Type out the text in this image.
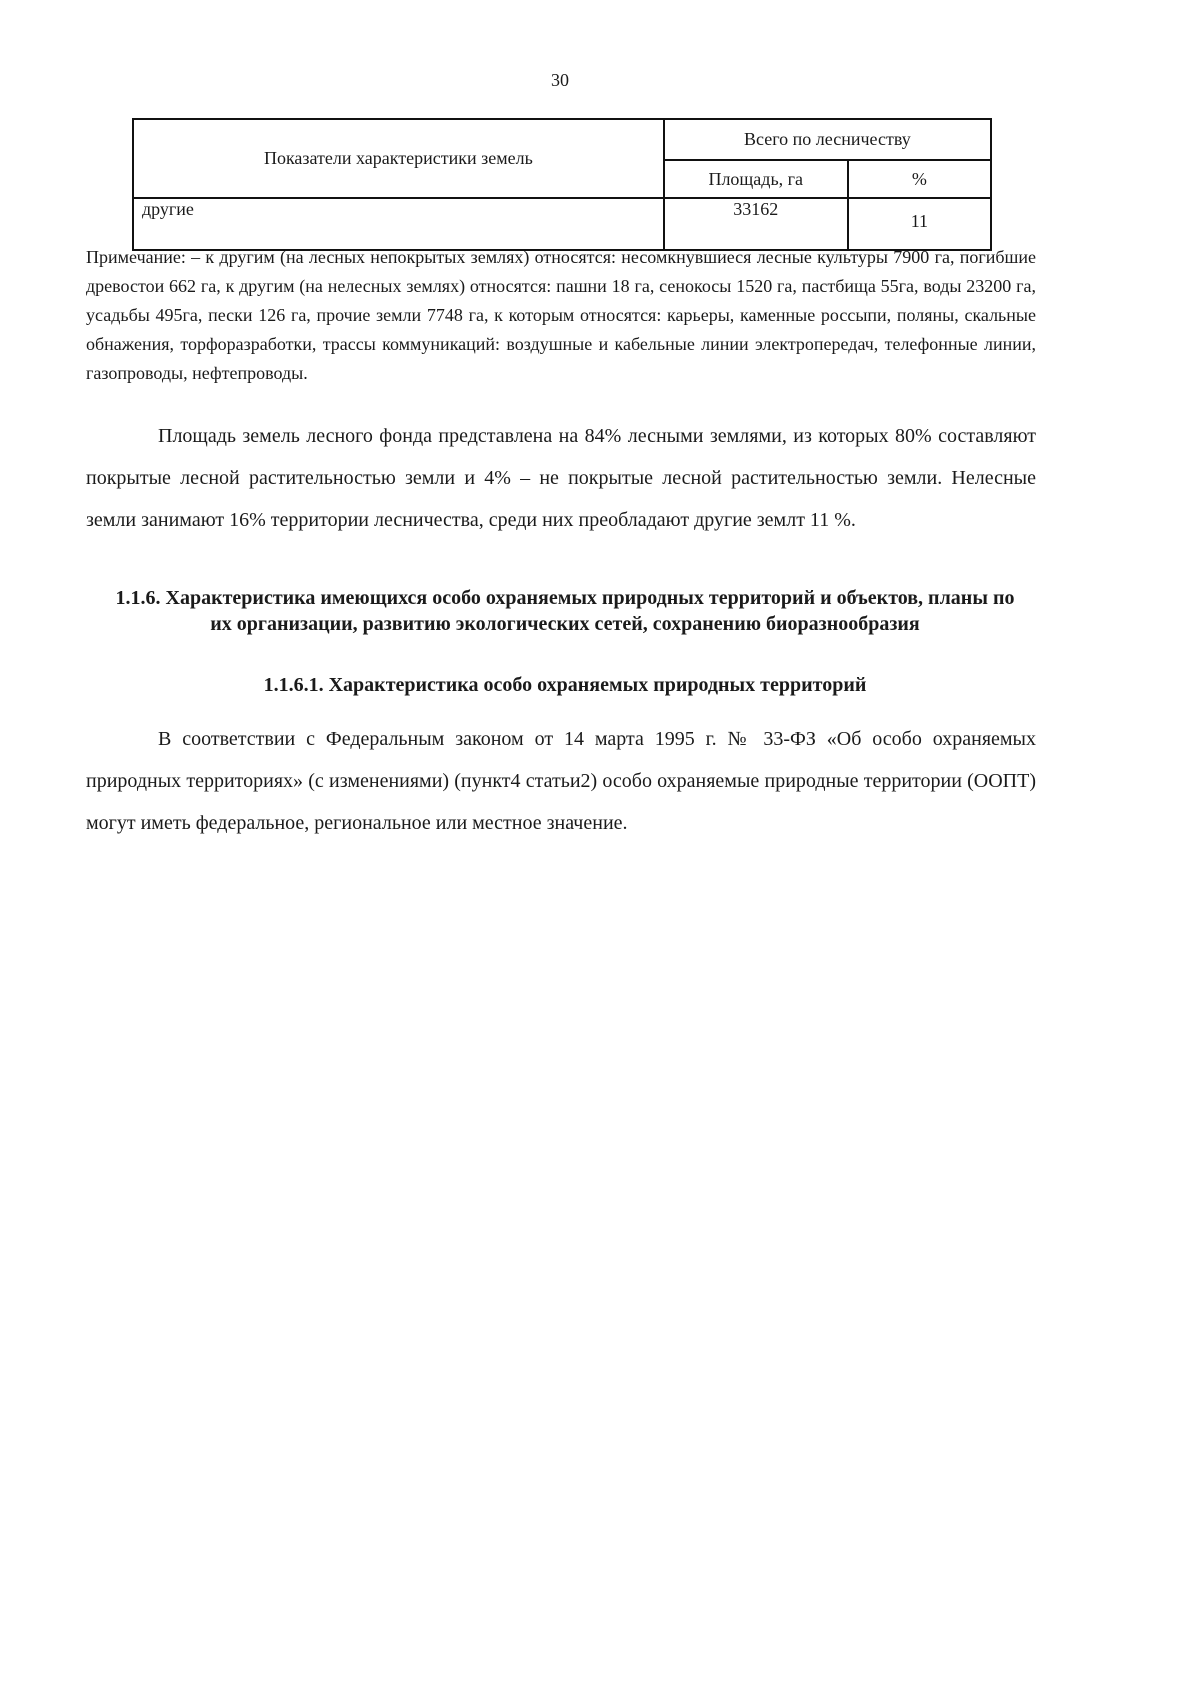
30
Показатели характеристики земель	Всего по лесничеству	
	Площадь, га	%
другие	33162	11
Примечание: – к другим (на лесных непокрытых землях) относятся: несомкнувшиеся лесные культуры 7900 га, погибшие древостои 662 га, к другим (на нелесных землях) относятся: пашни 18 га, сенокосы 1520 га, пастбища 55га, воды 23200 га, усадьбы 495га, пески 126 га, прочие земли 7748 га, к которым относятся: карьеры, каменные россыпи, поляны, скальные обнажения, торфоразработки, трассы коммуникаций: воздушные и кабельные линии электропередач, телефонные линии, газопроводы, нефтепроводы.
Площадь земель лесного фонда представлена на 84% лесными землями, из которых 80% составляют покрытые лесной растительностью земли и 4% – не покрытые лесной растительностью земли. Нелесные земли занимают 16% территории лесничества, среди них преобладают другие землт 11 %.
1.1.6. Характеристика имеющихся особо охраняемых природных территорий и объектов, планы по их организации, развитию экологических сетей, сохранению биоразнообразия
1.1.6.1. Характеристика особо охраняемых природных территорий
В соответствии с Федеральным законом от 14 марта 1995 г. № 33-ФЗ «Об особо охраняемых природных территориях» (с изменениями) (пункт4 статьи2) особо охраняемые природные территории (ООПТ) могут иметь федеральное, региональное или местное значение.
